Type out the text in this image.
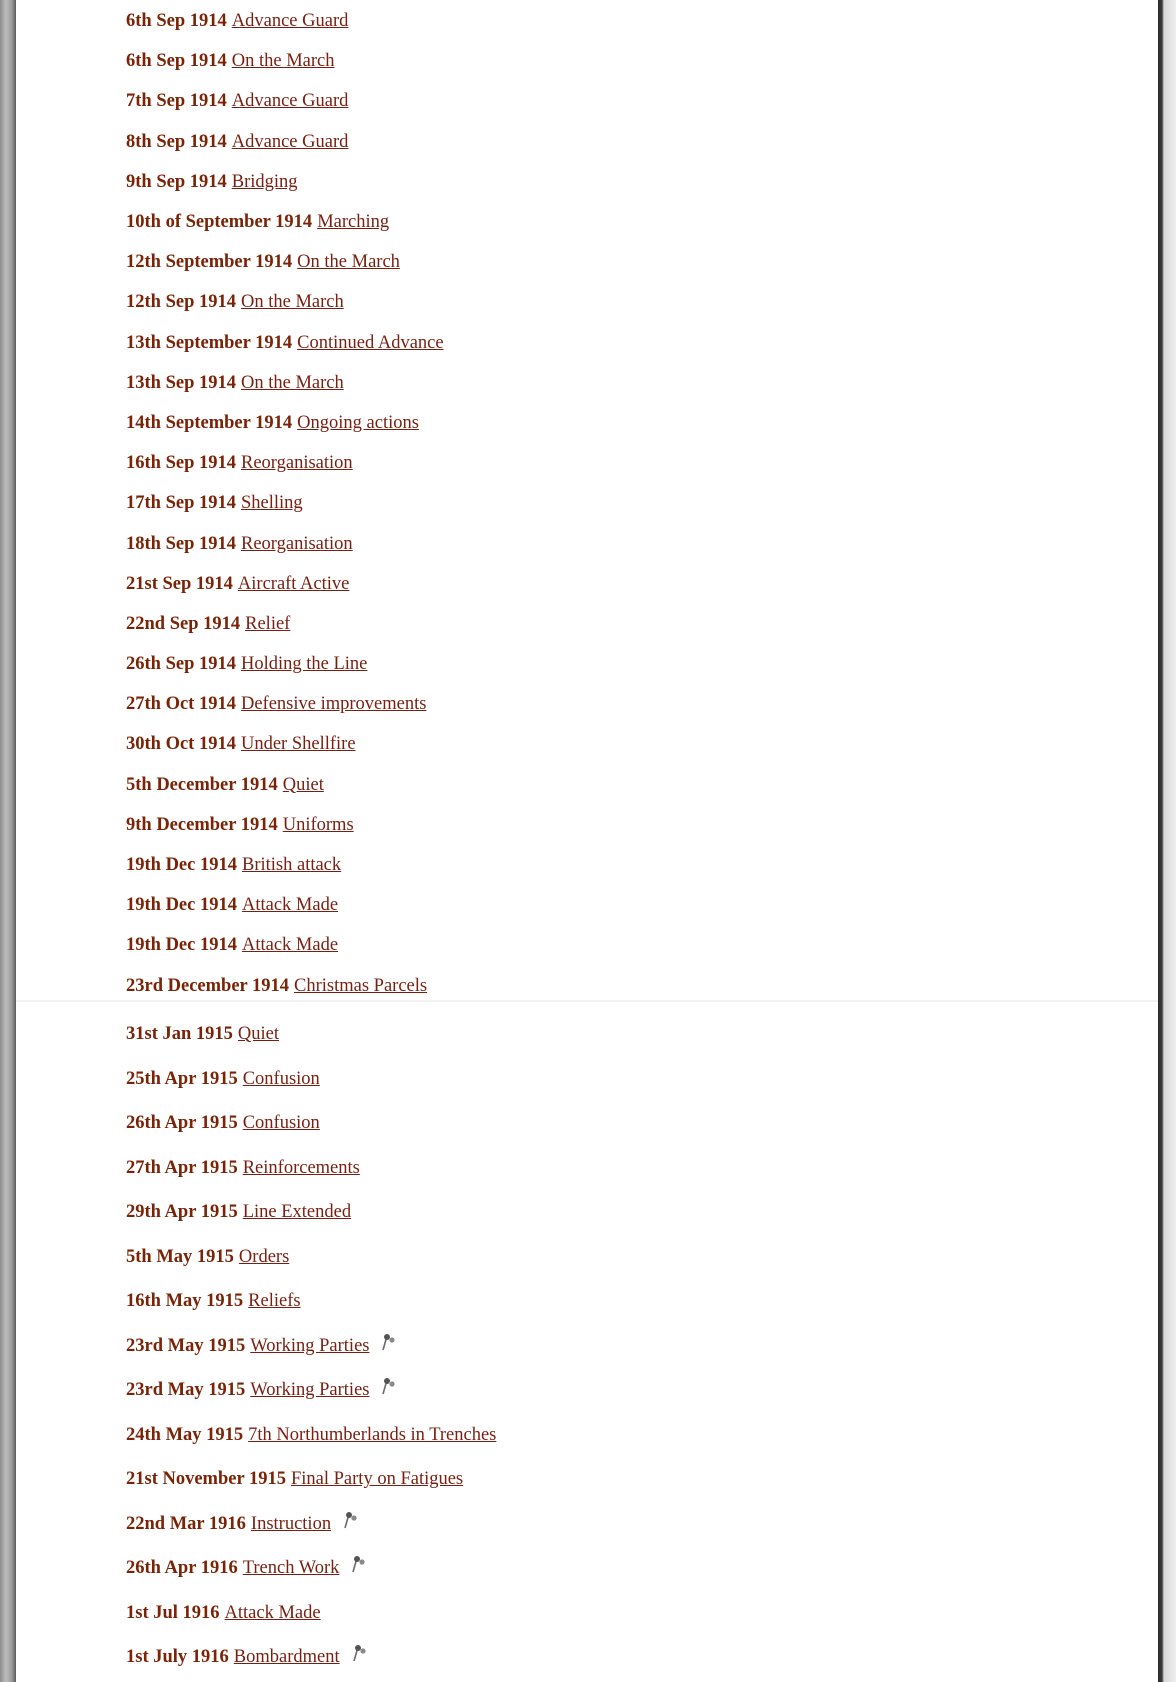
6th Sep 1914 Advance Guard
6th Sep 1914 On the March
7th Sep 1914 Advance Guard
8th Sep 1914 Advance Guard
9th Sep 1914 Bridging
10th of September 1914 Marching
12th September 1914 On the March
12th Sep 1914 On the March
13th September 1914 Continued Advance
13th Sep 1914 On the March
14th September 1914 Ongoing actions
16th Sep 1914 Reorganisation
17th Sep 1914 Shelling
18th Sep 1914 Reorganisation
21st Sep 1914 Aircraft Active
22nd Sep 1914 Relief
26th Sep 1914 Holding the Line
27th Oct 1914 Defensive improvements
30th Oct 1914 Under Shellfire
5th December 1914 Quiet
9th December 1914 Uniforms
19th Dec 1914 British attack
19th Dec 1914 Attack Made
19th Dec 1914 Attack Made
23rd December 1914 Christmas Parcels
31st Jan 1915 Quiet
25th Apr 1915 Confusion
26th Apr 1915 Confusion
27th Apr 1915 Reinforcements
29th Apr 1915 Line Extended
5th May 1915 Orders
16th May 1915 Reliefs
23rd May 1915 Working Parties
23rd May 1915 Working Parties
24th May 1915 7th Northumberlands in Trenches
21st November 1915 Final Party on Fatigues
22nd Mar 1916 Instruction
26th Apr 1916 Trench Work
1st Jul 1916 Attack Made
1st July 1916 Bombardment
